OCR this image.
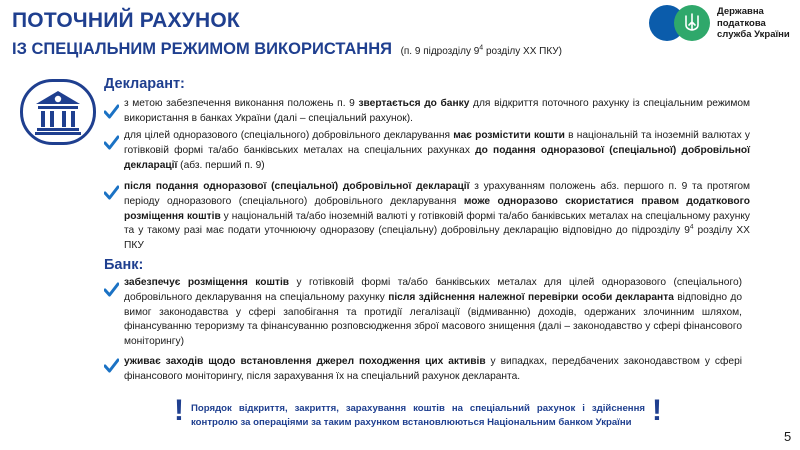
ПОТОЧНИЙ РАХУНОК
ІЗ СПЕЦІАЛЬНИМ РЕЖИМОМ ВИКОРИСТАННЯ (п. 9 підрозділу $9^4$ розділу XX ПКУ)
Державна
податкова
служба України
Декларант:
з метою забезпечення виконання положень п. 9 звертається до банку для відкриття поточного рахунку із спеціальним режимом використання в банках України (далі – спеціальний рахунок).
для цілей одноразового (спеціального) добровільного декларування має розмістити кошти в національній та іноземній валютах у готівковій формі та/або банківських металах на спеціальних рахунках до подання одноразової (спеціальної) добровільної декларації (абз. перший п. 9)
після подання одноразової (спеціальної) добровільної декларації з урахуванням положень абз. першого п. 9 та протягом періоду одноразового (спеціального) добровільного декларування може одноразово скористатися правом додаткового розміщення коштів у національній та/або іноземній валюті у готівковій формі та/або банківських металах на спеціальному рахунку та у такому разі має подати уточнюючу одноразову (спеціальну) добровільну декларацію відповідно до підрозділу $9^4$ розділу XX ПКУ
Банк:
забезпечує розміщення коштів у готівковій формі та/або банківських металах для цілей одноразового (спеціального) добровільного декларування на спеціальному рахунку після здійснення належної перевірки особи декларанта відповідно до вимог законодавства у сфері запобігання та протидії легалізації (відмиванню) доходів, одержаних злочинним шляхом, фінансуванню тероризму та фінансуванню розповсюдження зброї масового знищення (далі – законодавство у сфері фінансового моніторингу)
уживає заходів щодо встановлення джерел походження цих активів у випадках, передбачених законодавством у сфері фінансового моніторингу, після зарахування їх на спеціальний рахунок декларанта.
! Порядок відкриття, закриття, зарахування коштів на спеціальний рахунок і здійснення контролю за операціями за таким рахунком встановлюються Національним банком України !
5
